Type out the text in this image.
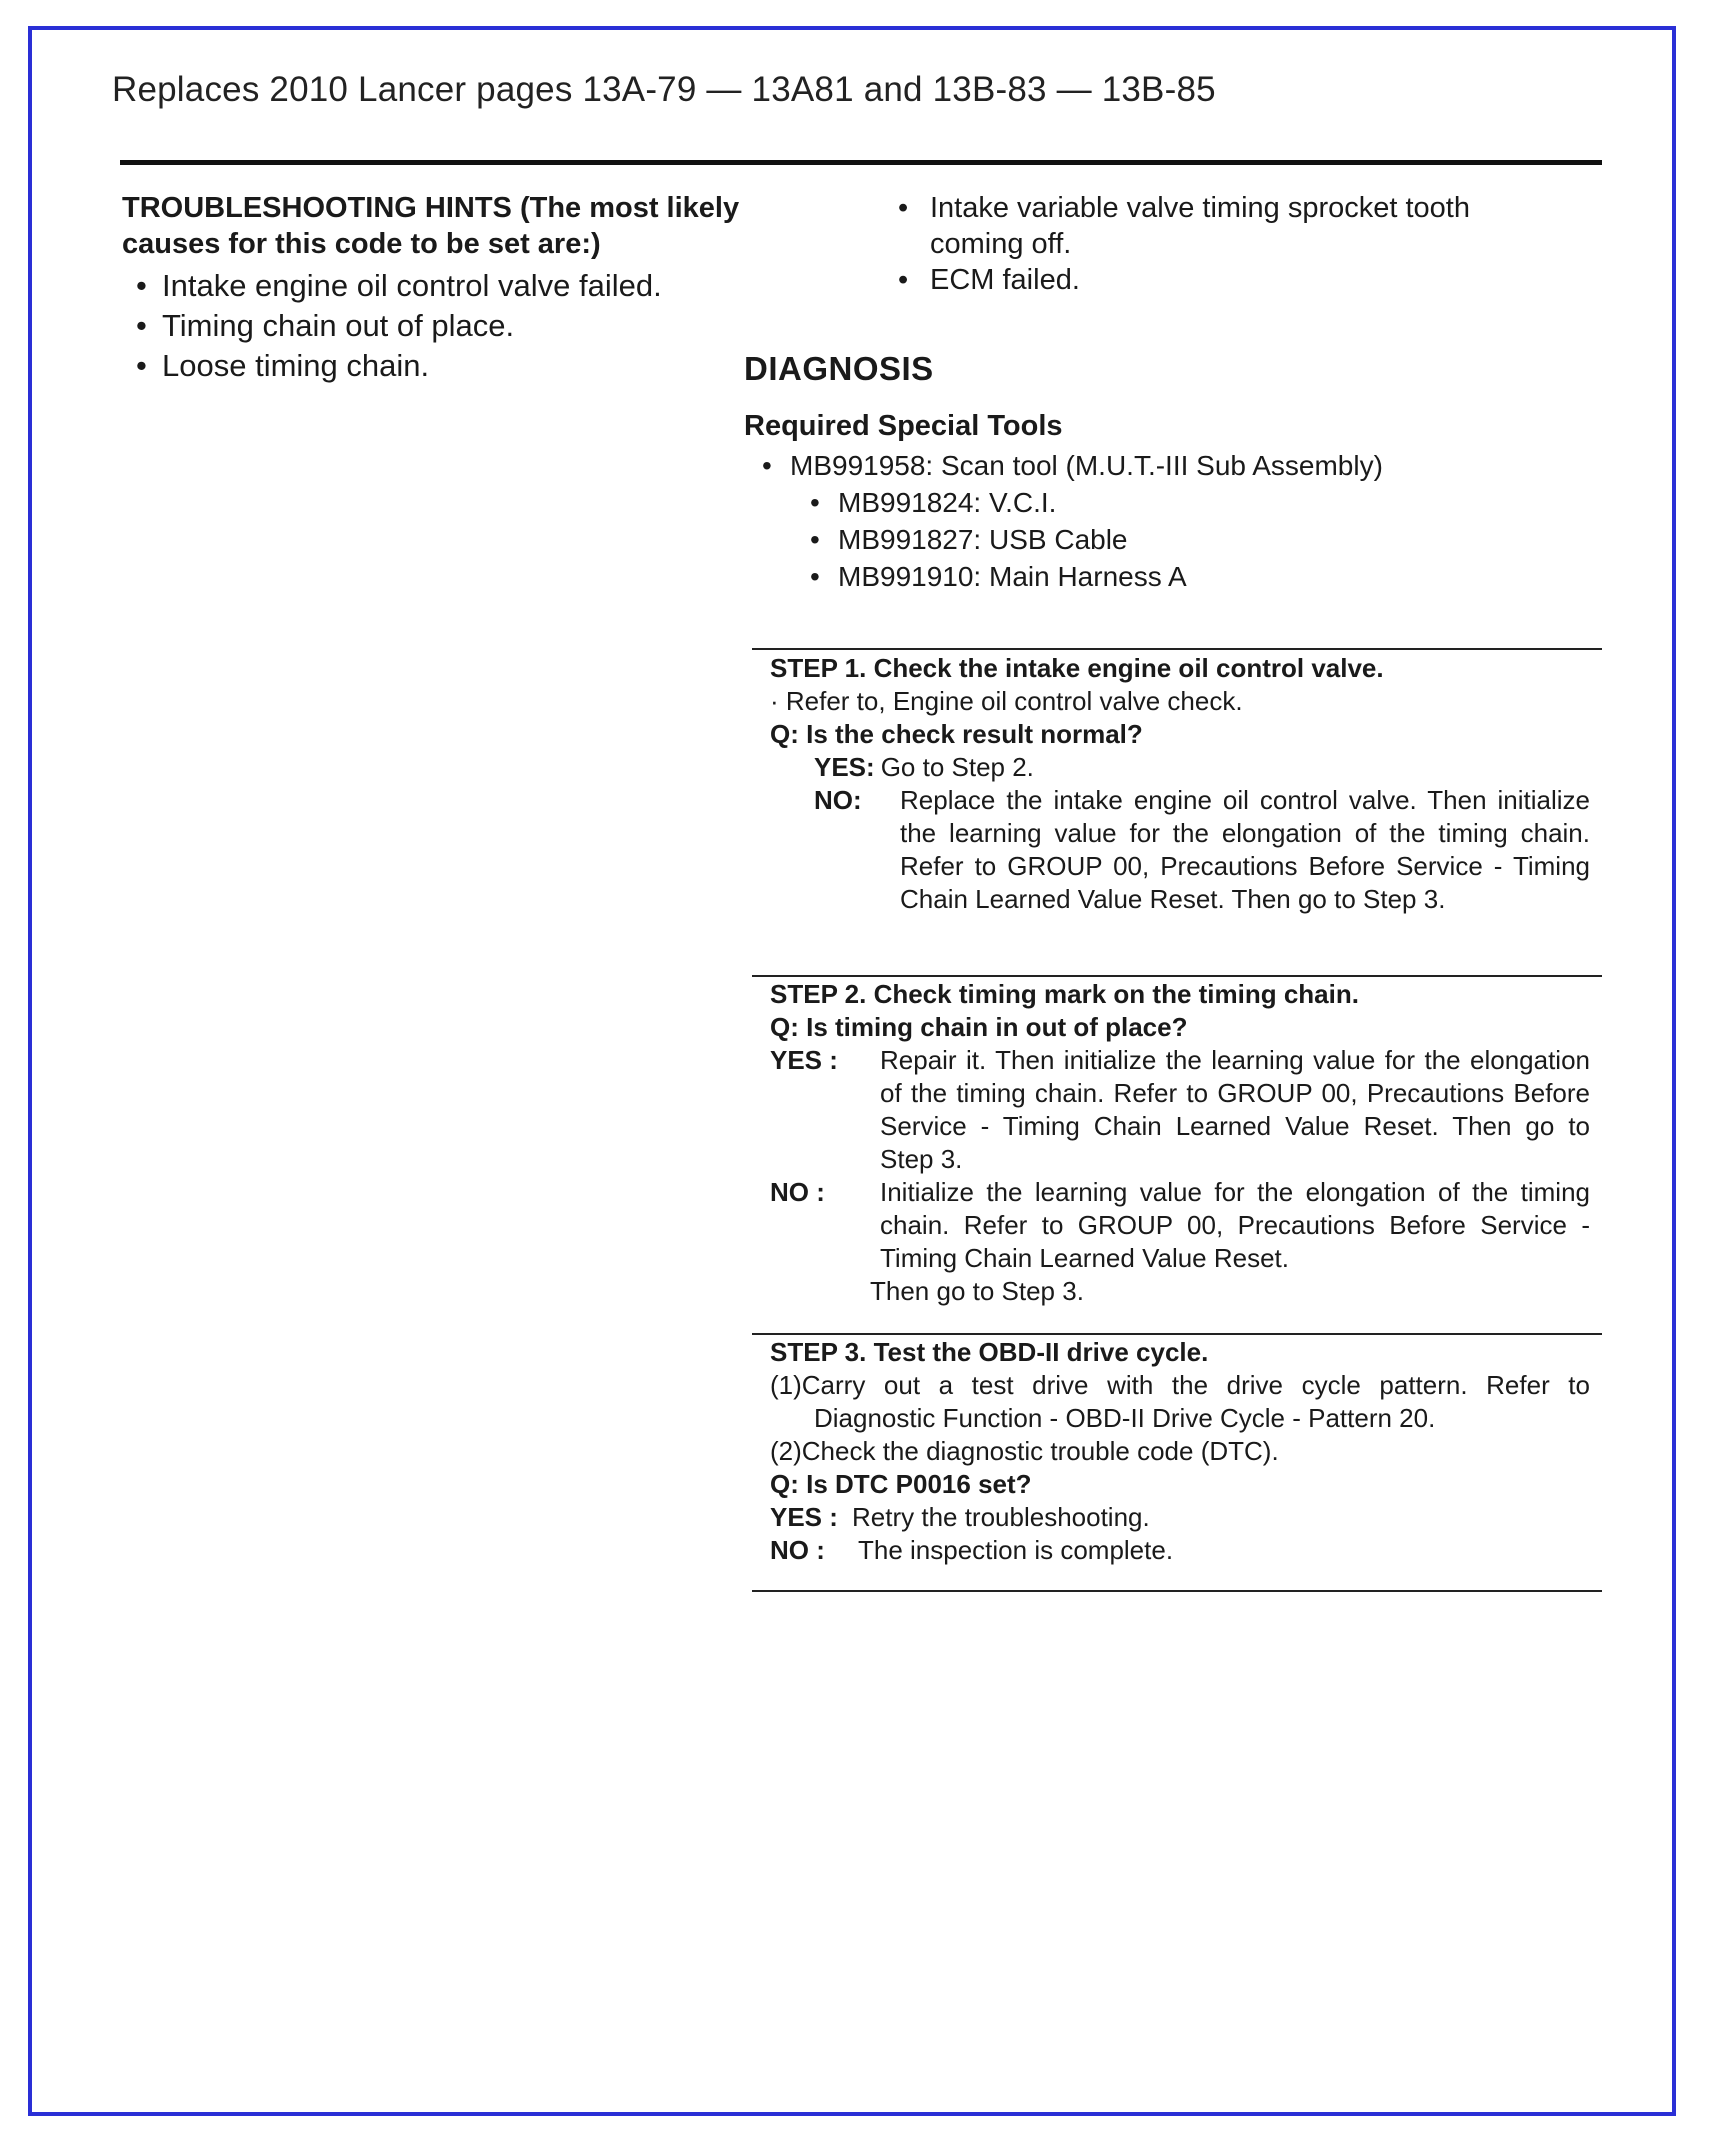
Replaces 2010 Lancer pages 13A-79 — 13A81 and 13B-83 — 13B-85
TROUBLESHOOTING HINTS (The most likely causes for this code to be set are:)
• Intake engine oil control valve failed.
• Timing chain out of place.
• Loose timing chain.
• Intake variable valve timing sprocket tooth coming off.
• ECM failed.
DIAGNOSIS
Required Special Tools
• MB991958: Scan tool (M.U.T.-III Sub Assembly)
• MB991824: V.C.I.
• MB991827: USB Cable
• MB991910: Main Harness A
STEP 1. Check the intake engine oil control valve.
· Refer to, Engine oil control valve check.
Q: Is the check result normal?
YES: Go to Step 2.
NO:	Replace the intake engine oil control valve. Then initialize the learning value for the elongation of the timing chain. Refer to GROUP 00, Precautions Before Service - Timing Chain Learned Value Reset. Then go to Step 3.
STEP 2. Check timing mark on the timing chain.
Q: Is timing chain in out of place?
YES :	Repair it. Then initialize the learning value for the elongation of the timing chain. Refer to GROUP 00, Precautions Before Service - Timing Chain Learned Value Reset. Then go to Step 3.
NO :	Initialize the learning value for the elongation of the timing chain. Refer to GROUP 00, Precautions Before Service - Timing Chain Learned Value Reset.
Then go to Step 3.
STEP 3. Test the OBD-II drive cycle.
(1)Carry out a test drive with the drive cycle pattern. Refer to Diagnostic Function - OBD-II Drive Cycle - Pattern 20.
(2)Check the diagnostic trouble code (DTC).
Q: Is DTC P0016 set?
YES : Retry the troubleshooting.
NO :	The inspection is complete.
